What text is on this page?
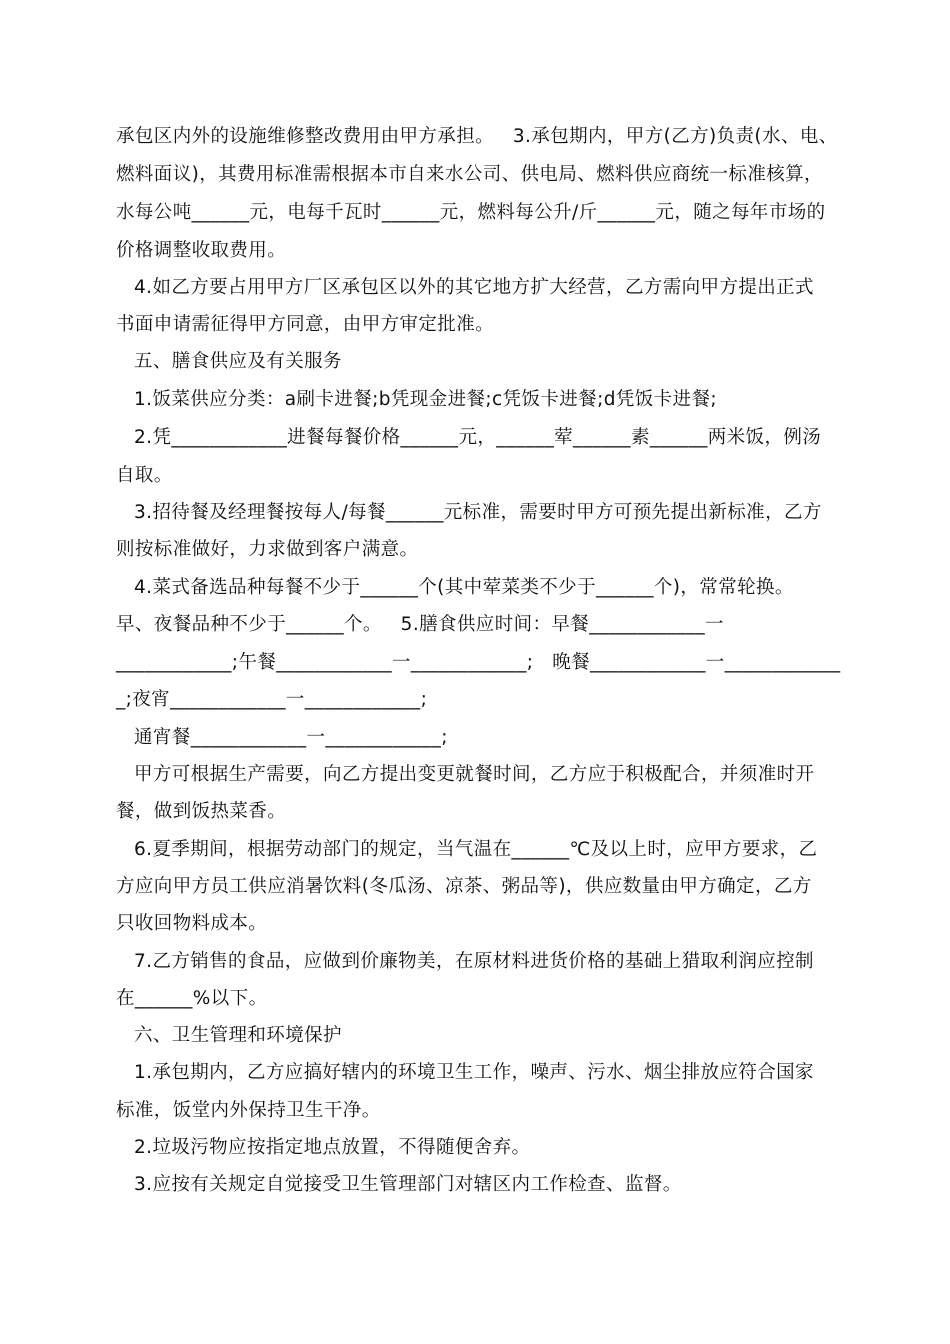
承包区内外的设施维修整改费用由甲方承担。   3.承包期内，甲方(乙方)负责(水、电、
燃料面议)，其费用标准需根据本市自来水公司、供电局、燃料供应商统一标准核算，
水每公吨______元，电每千瓦时______元，燃料每公升/斤______元，随之每年市场的
价格调整收取费用。
4.如乙方要占用甲方厂区承包区以外的其它地方扩大经营，乙方需向甲方提出正式
书面申请需征得甲方同意，由甲方审定批准。
五、膳食供应及有关服务
1.饭菜供应分类：a刷卡进餐;b凭现金进餐;c凭饭卡进餐;d凭饭卡进餐;
2.凭____________进餐每餐价格______元，______荤______素______两米饭，例汤
自取。
3.招待餐及经理餐按每人/每餐______元标准，需要时甲方可预先提出新标准，乙方
则按标准做好，力求做到客户满意。
4.菜式备选品种每餐不少于______个(其中荤菜类不少于______个)，常常轮换。
早、夜餐品种不少于______个。   5.膳食供应时间：早餐____________一
____________;午餐____________一____________;   晚餐____________一____________
_;夜宵____________一____________;
通宵餐____________一____________;
甲方可根据生产需要，向乙方提出变更就餐时间，乙方应于积极配合，并须准时开
餐，做到饭热菜香。
6.夏季期间，根据劳动部门的规定，当气温在______℃及以上时，应甲方要求，乙
方应向甲方员工供应消暑饮料(冬瓜汤、凉茶、粥品等)，供应数量由甲方确定，乙方
只收回物料成本。
7.乙方销售的食品，应做到价廉物美，在原材料进货价格的基础上猎取利润应控制
在______%以下。
六、卫生管理和环境保护
1.承包期内，乙方应搞好辖内的环境卫生工作，噪声、污水、烟尘排放应符合国家
标准，饭堂内外保持卫生干净。
2.垃圾污物应按指定地点放置，不得随便舍弃。
3.应按有关规定自觉接受卫生管理部门对辖区内工作检查、监督。
